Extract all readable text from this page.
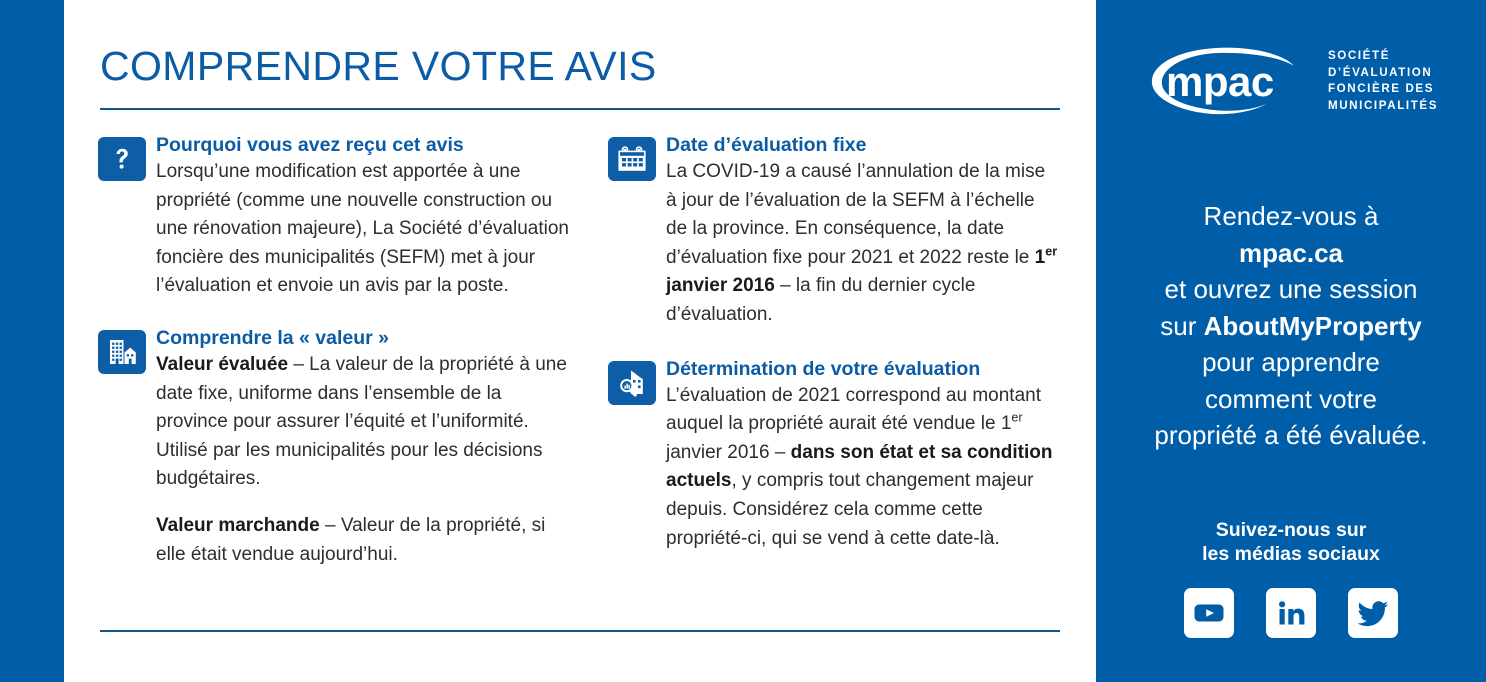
COMPRENDRE VOTRE AVIS
Pourquoi vous avez reçu cet avis
Lorsqu’une modification est apportée à une propriété (comme une nouvelle construction ou une rénovation majeure), La Société d’évaluation foncière des municipalités (SEFM) met à jour l’évaluation et envoie un avis par la poste.
Comprendre la « valeur »
Valeur évaluée – La valeur de la propriété à une date fixe, uniforme dans l’ensemble de la province pour assurer l’équité et l’uniformité. Utilisé par les municipalités pour les décisions budgétaires.
Valeur marchande – Valeur de la propriété, si elle était vendue aujourd’hui.
Date d’évaluation fixe
La COVID-19 a causé l’annulation de la mise à jour de l’évaluation de la SEFM à l’échelle de la province. En conséquence, la date d’évaluation fixe pour 2021 et 2022 reste le 1er janvier 2016 – la fin du dernier cycle d’évaluation.
Détermination de votre évaluation
L’évaluation de 2021 correspond au montant auquel la propriété aurait été vendue le 1er janvier 2016 – dans son état et sa condition actuels, y compris tout changement majeur depuis. Considérez cela comme cette propriété-ci, qui se vend à cette date-là.
mpac
SOCIÉTÉ
D’ÉVALUATION
FONCIÈRE DES
MUNICIPALITÉS
Rendez-vous à
mpac.ca
et ouvrez une session
sur AboutMyProperty
pour apprendre
comment votre
propriété a été évaluée.
Suivez-nous sur
les médias sociaux
